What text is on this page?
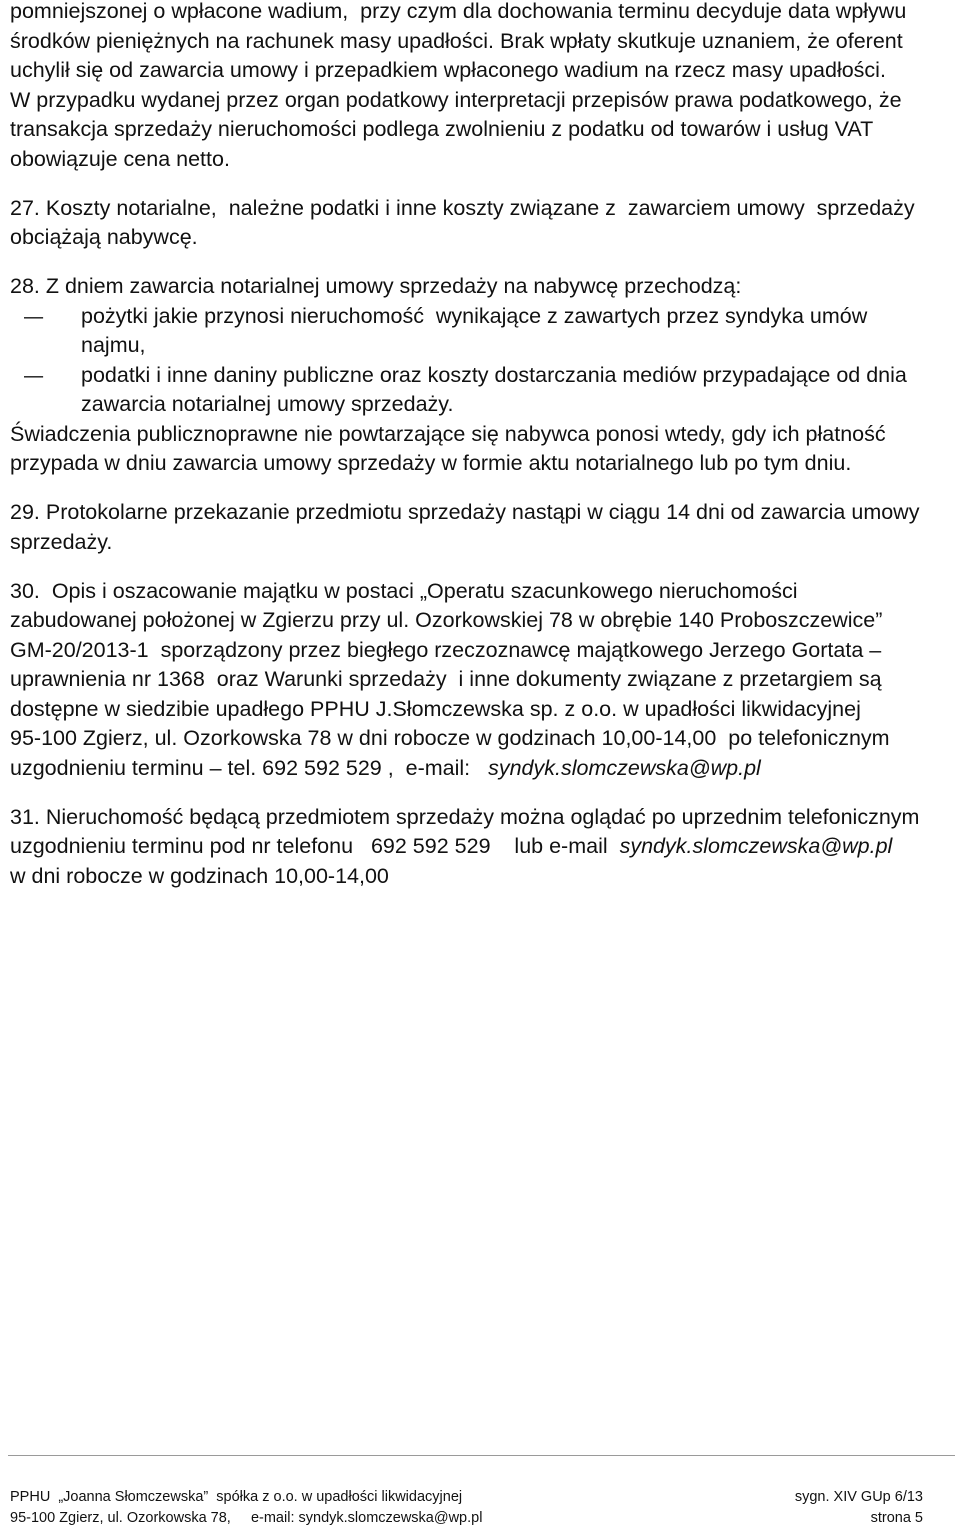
pomniejszonej o wpłacone wadium,  przy czym dla dochowania terminu decyduje data wpływu
środków pieniężnych na rachunek masy upadłości. Brak wpłaty skutkuje uznaniem, że oferent
uchylił się od zawarcia umowy i przepadkiem wpłaconego wadium na rzecz masy upadłości.
W przypadku wydanej przez organ podatkowy interpretacji przepisów prawa podatkowego, że
transakcja sprzedaży nieruchomości podlega zwolnieniu z podatku od towarów i usług VAT
obowiązuje cena netto.
27. Koszty notarialne,  należne podatki i inne koszty związane z  zawarciem umowy  sprzedaży
obciążają nabywcę.
28. Z dniem zawarcia notarialnej umowy sprzedaży na nabywcę przechodzą:
– pożytki jakie przynosi nieruchomość  wynikające z zawartych przez syndyka umów
najmu,
– podatki i inne daniny publiczne oraz koszty dostarczania mediów przypadające od dnia
zawarcia notarialnej umowy sprzedaży.
Świadczenia publicznoprawne nie powtarzające się nabywca ponosi wtedy, gdy ich płatność
przypada w dniu zawarcia umowy sprzedaży w formie aktu notarialnego lub po tym dniu.
29. Protokolarne przekazanie przedmiotu sprzedaży nastąpi w ciągu 14 dni od zawarcia umowy
sprzedaży.
30.  Opis i oszacowanie majątku w postaci „Operatu szacunkowego nieruchomości
zabudowanej położonej w Zgierzu przy ul. Ozorkowskiej 78 w obrębie 140 Proboszczewice”
GM-20/2013-1  sporządzony przez biegłego rzeczoznawcę majątkowego Jerzego Gortata –
uprawnienia nr 1368  oraz Warunki sprzedaży  i inne dokumenty związane z przetargiem są
dostępne w siedzibie upadłego PPHU J.Słomczewska sp. z o.o. w upadłości likwidacyjnej
95-100 Zgierz, ul. Ozorkowska 78 w dni robocze w godzinach 10,00-14,00  po telefonicznym
uzgodnieniu terminu – tel. 692 592 529 ,  e-mail:   syndyk.slomczewska@wp.pl
31. Nieruchomość będącą przedmiotem sprzedaży można oglądać po uprzednim telefonicznym
uzgodnieniu terminu pod nr telefonu   692 592 529    lub e-mail  syndyk.slomczewska@wp.pl
w dni robocze w godzinach 10,00-14,00
PPHU  „Joanna Słomczewska”  spółka z o.o. w upadłości likwidacyjnej	sygn. XIV GUp 6/13
95-100 Zgierz, ul. Ozorkowska 78,     e-mail: syndyk.slomczewska@wp.pl	strona 5
